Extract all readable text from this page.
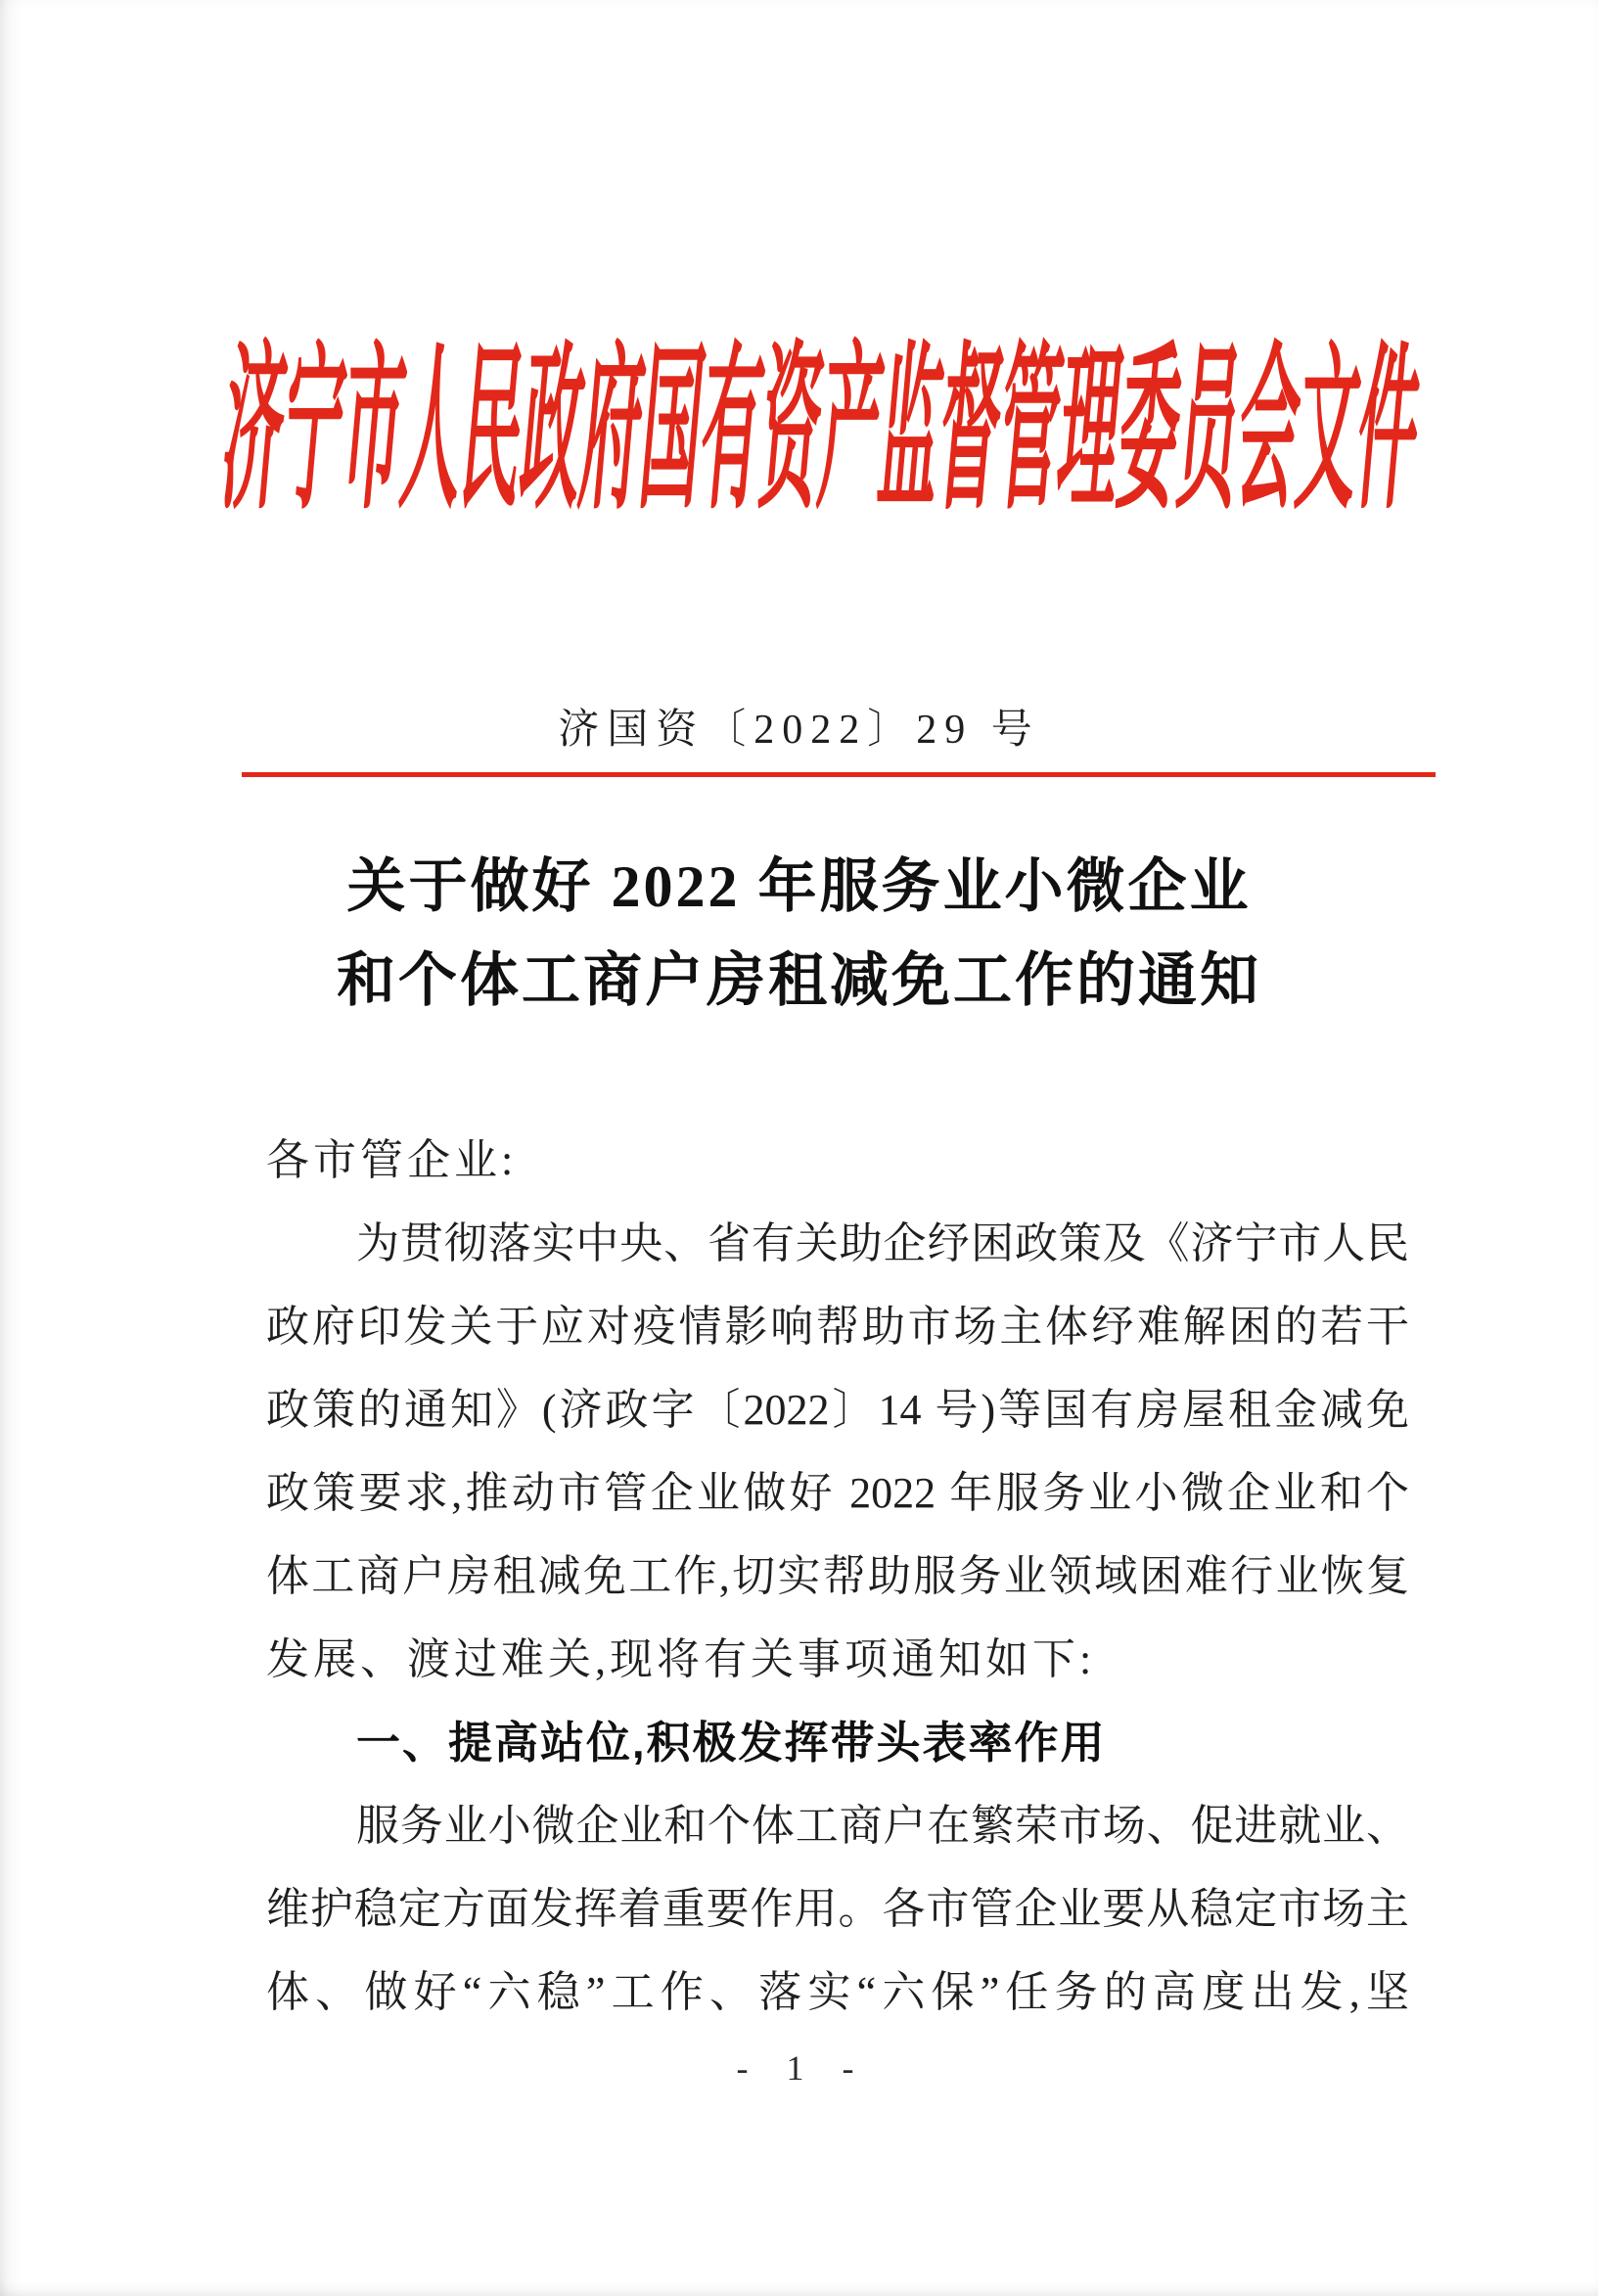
济宁市人民政府国有资产监督管理委员会文件
济国资〔2022〕29 号
关于做好 2022 年服务业小微企业
和个体工商户房租减免工作的通知
各市管企业:
为贯彻落实中央、省有关助企纾困政策及《济宁市人民
政府印发关于应对疫情影响帮助市场主体纾难解困的若干
政策的通知》(济政字〔2022〕14 号)等国有房屋租金减免
政策要求,推动市管企业做好 2022 年服务业小微企业和个
体工商户房租减免工作,切实帮助服务业领域困难行业恢复
发展、渡过难关,现将有关事项通知如下:
一、提高站位,积极发挥带头表率作用
服务业小微企业和个体工商户在繁荣市场、促进就业、
维护稳定方面发挥着重要作用。各市管企业要从稳定市场主
体、做好“六稳”工作、落实“六保”任务的高度出发,坚
- 1 -
